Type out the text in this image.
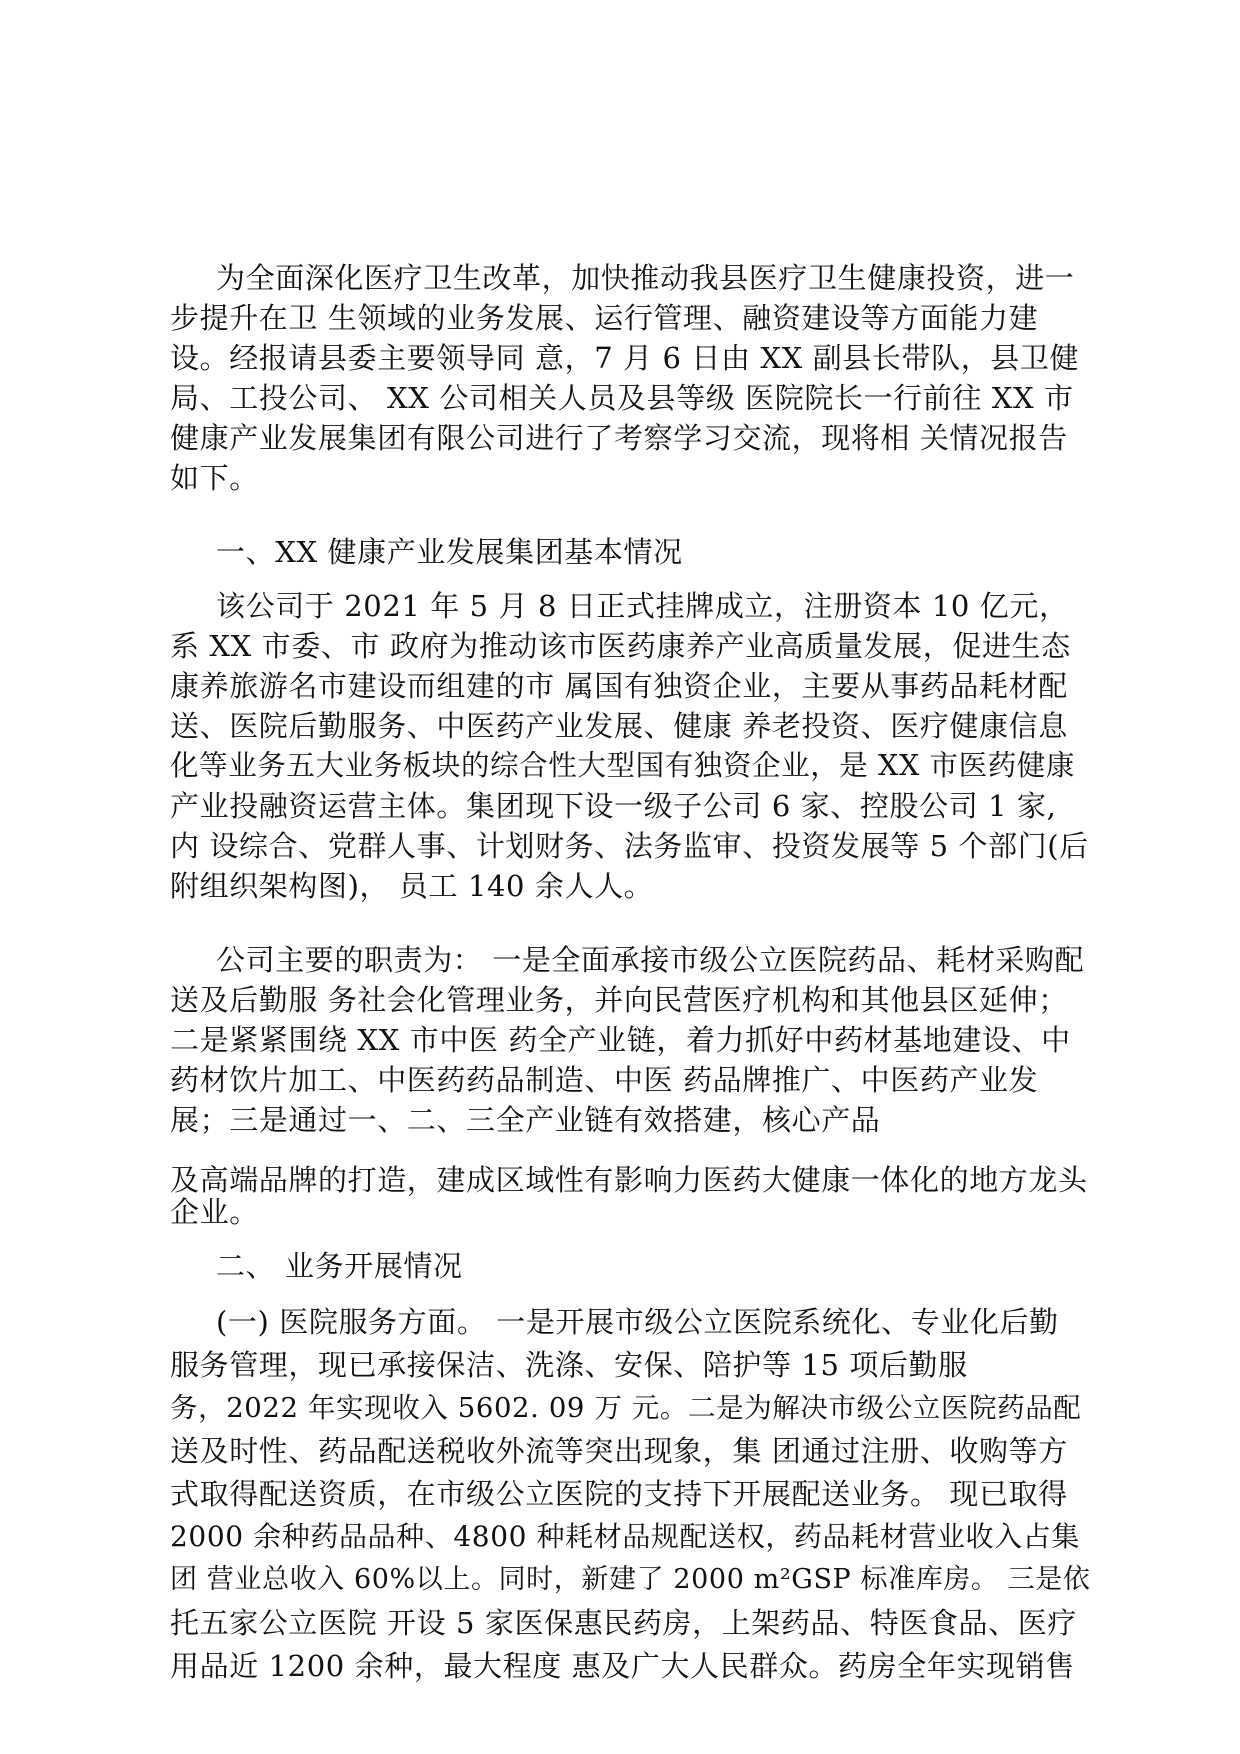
为全面深化医疗卫生改革，加快推动我县医疗卫生健康投资，进一
步提升在卫 生领域的业务发展、运行管理、融资建设等方面能力建
设。经报请县委主要领导同 意，7 月 6 日由 XX 副县长带队，县卫健
局、工投公司、 XX 公司相关人员及县等级 医院院长一行前往 XX 市
健康产业发展集团有限公司进行了考察学习交流，现将相 关情况报告
如下。
一、XX 健康产业发展集团基本情况
该公司于 2021 年 5 月 8 日正式挂牌成立，注册资本 10 亿元，
系 XX 市委、市 政府为推动该市医药康养产业高质量发展，促进生态
康养旅游名市建设而组建的市 属国有独资企业，主要从事药品耗材配
送、医院后勤服务、中医药产业发展、健康 养老投资、医疗健康信息
化等业务五大业务板块的综合性大型国有独资企业，是 XX 市医药健康
产业投融资运营主体。集团现下设一级子公司 6 家、控股公司 1 家,
内 设综合、党群人事、计划财务、法务监审、投资发展等 5 个部门(后
附组织架构图)， 员工 140 余人人。
公司主要的职责为： 一是全面承接市级公立医院药品、耗材采购配
送及后勤服 务社会化管理业务，并向民营医疗机构和其他县区延伸；
二是紧紧围绕 XX 市中医 药全产业链，着力抓好中药材基地建设、中
药材饮片加工、中医药药品制造、中医 药品牌推广、中医药产业发
展；三是通过一、二、三全产业链有效搭建，核心产品
及高端品牌的打造，建成区域性有影响力医药大健康一体化的地方龙头
企业。
二、 业务开展情况
(一) 医院服务方面。 一是开展市级公立医院系统化、专业化后勤
服务管理，现已承接保洁、洗涤、安保、陪护等 15 项后勤服
务，2022 年实现收入 5602. 09 万 元。二是为解决市级公立医院药品配
送及时性、药品配送税收外流等突出现象，集 团通过注册、收购等方
式取得配送资质，在市级公立医院的支持下开展配送业务。 现已取得
2000 余种药品品种、4800 种耗材品规配送权，药品耗材营业收入占集
团 营业总收入 60%以上。同时，新建了 2000 m²GSP 标准库房。 三是依
托五家公立医院 开设 5 家医保惠民药房，上架药品、特医食品、医疗
用品近 1200 余种，最大程度 惠及广大人民群众。药房全年实现销售
